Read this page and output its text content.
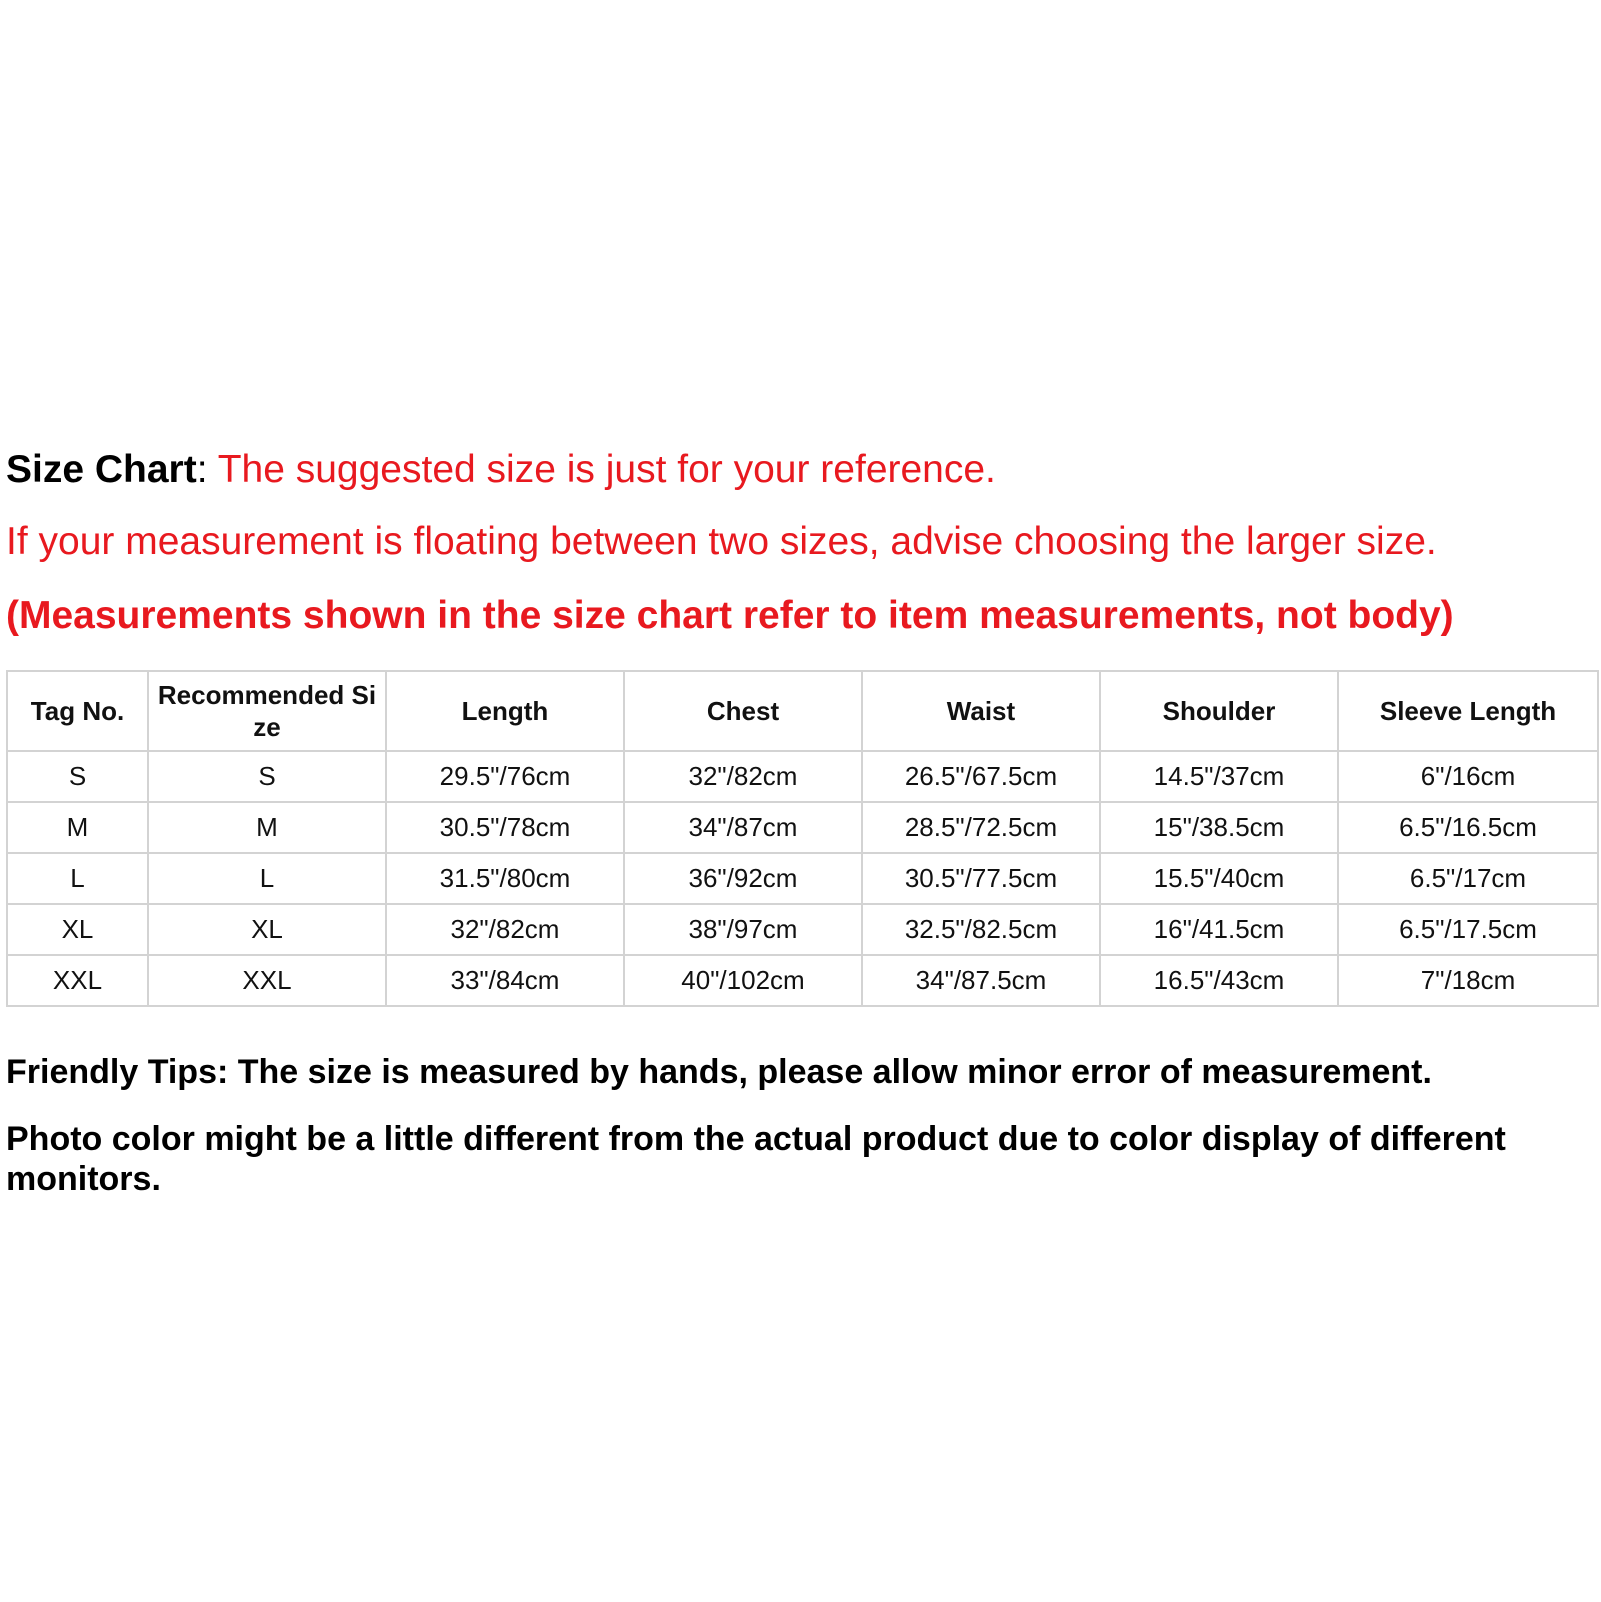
Size Chart: The suggested size is just for your reference.

If your measurement is floating between two sizes, advise choosing the larger size.

(Measurements shown in the size chart refer to item measurements, not body)

Tag No.	Recommended Size	Length	Chest	Waist	Shoulder	Sleeve Length
S	S	29.5"/76cm	32"/82cm	26.5"/67.5cm	14.5"/37cm	6"/16cm
M	M	30.5"/78cm	34"/87cm	28.5"/72.5cm	15"/38.5cm	6.5"/16.5cm
L	L	31.5"/80cm	36"/92cm	30.5"/77.5cm	15.5"/40cm	6.5"/17cm
XL	XL	32"/82cm	38"/97cm	32.5"/82.5cm	16"/41.5cm	6.5"/17.5cm
XXL	XXL	33"/84cm	40"/102cm	34"/87.5cm	16.5"/43cm	7"/18cm

Friendly Tips: The size is measured by hands, please allow minor error of measurement.

Photo color might be a little different from the actual product due to color display of different monitors.
